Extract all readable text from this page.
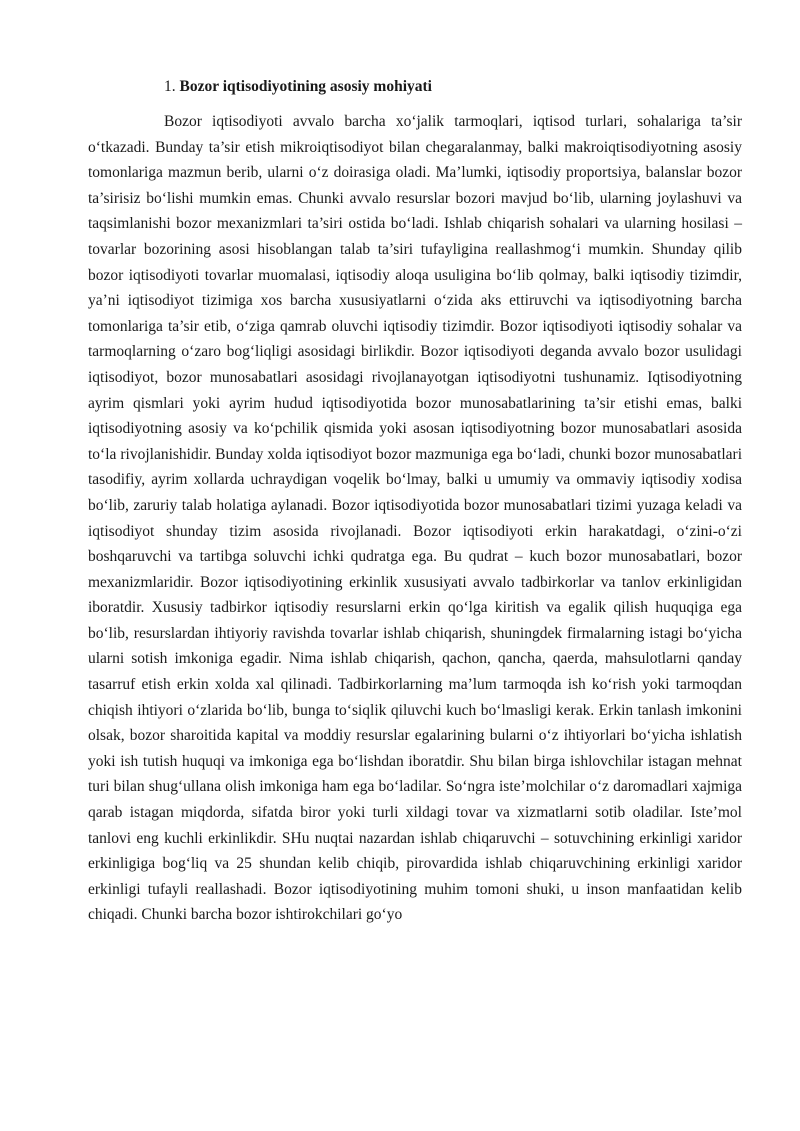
1. Bozor iqtisodiyotining asosiy mohiyati

Bozor iqtisodiyoti avvalo barcha xo‘jalik tarmoqlari, iqtisod turlari, sohalariga ta’sir o‘tkazadi. Bunday ta’sir etish mikroiqtisodiyot bilan chegaralanmay, balki makroiqtisodiyotning asosiy tomonlariga mazmun berib, ularni o‘z doirasiga oladi. Ma’lumki, iqtisodiy proportsiya, balanslar bozor ta’sirisiz bo‘lishi mumkin emas. Chunki avvalo resurslar bozori mavjud bo‘lib, ularning joylashuvi va taqsimlanishi bozor mexanizmlari ta’siri ostida bo‘ladi. Ishlab chiqarish sohalari va ularning hosilasi – tovarlar bozorining asosi hisoblangan talab ta’siri tufayligina reallashmog‘i mumkin. Shunday qilib bozor iqtisodiyoti tovarlar muomalasi, iqtisodiy aloqa usuligina bo‘lib qolmay, balki iqtisodiy tizimdir, ya’ni iqtisodiyot tizimiga xos barcha xususiyatlarni o‘zida aks ettiruvchi va iqtisodiyotning barcha tomonlariga ta’sir etib, o‘ziga qamrab oluvchi iqtisodiy tizimdir. Bozor iqtisodiyoti iqtisodiy sohalar va tarmoqlarning o‘zaro bog‘liqligi asosidagi birlikdir. Bozor iqtisodiyoti deganda avvalo bozor usulidagi iqtisodiyot, bozor munosabatlari asosidagi rivojlanayotgan iqtisodiyotni tushunamiz. Iqtisodiyotning ayrim qismlari yoki ayrim hudud iqtisodiyotida bozor munosabatlarining ta’sir etishi emas, balki iqtisodiyotning asosiy va ko‘pchilik qismida yoki asosan iqtisodiyotning bozor munosabatlari asosida to‘la rivojlanishidir. Bunday xolda iqtisodiyot bozor mazmuniga ega bo‘ladi, chunki bozor munosabatlari tasodifiy, ayrim xollarda uchraydigan voqelik bo‘lmay, balki u umumiy va ommaviy iqtisodiy xodisa bo‘lib, zaruriy talab holatiga aylanadi. Bozor iqtisodiyotida bozor munosabatlari tizimi yuzaga keladi va iqtisodiyot shunday tizim asosida rivojlanadi. Bozor iqtisodiyoti erkin harakatdagi, o‘zini-o‘zi boshqaruvchi va tartibga soluvchi ichki qudratga ega. Bu qudrat – kuch bozor munosabatlari, bozor mexanizmlaridir. Bozor iqtisodiyotining erkinlik xususiyati avvalo tadbirkorlar va tanlov erkinligidan iboratdir. Xususiy tadbirkor iqtisodiy resurslarni erkin qo‘lga kiritish va egalik qilish huquqiga ega bo‘lib, resurslardan ihtiyoriy ravishda tovarlar ishlab chiqarish, shuningdek firmalarning istagi bo‘yicha ularni sotish imkoniga egadir. Nima ishlab chiqarish, qachon, qancha, qaerda, mahsulotlarni qanday tasarruf etish erkin xolda xal qilinadi. Tadbirkorlarning ma’lum tarmoqda ish ko‘rish yoki tarmoqdan chiqish ihtiyori o‘zlarida bo‘lib, bunga to‘siqlik qiluvchi kuch bo‘lmasligi kerak. Erkin tanlash imkonini olsak, bozor sharoitida kapital va moddiy resurslar egalarining bularni o‘z ihtiyorlari bo‘yicha ishlatish yoki ish tutish huquqi va imkoniga ega bo‘lishdan iboratdir. Shu bilan birga ishlovchilar istagan mehnat turi bilan shug‘ullana olish imkoniga ham ega bo‘ladilar. So‘ngra iste’molchilar o‘z daromadlari xajmiga qarab istagan miqdorda, sifatda biror yoki turli xildagi tovar va xizmatlarni sotib oladilar. Iste’mol tanlovi eng kuchli erkinlikdir. SHu nuqtai nazardan ishlab chiqaruvchi – sotuvchining erkinligi xaridor erkinligiga bog‘liq va 25 shundan kelib chiqib, pirovardida ishlab chiqaruvchining erkinligi xaridor erkinligi tufayli reallashadi. Bozor iqtisodiyotining muhim tomoni shuki, u inson manfaatidan kelib chiqadi. Chunki barcha bozor ishtirokchilari go‘yo
